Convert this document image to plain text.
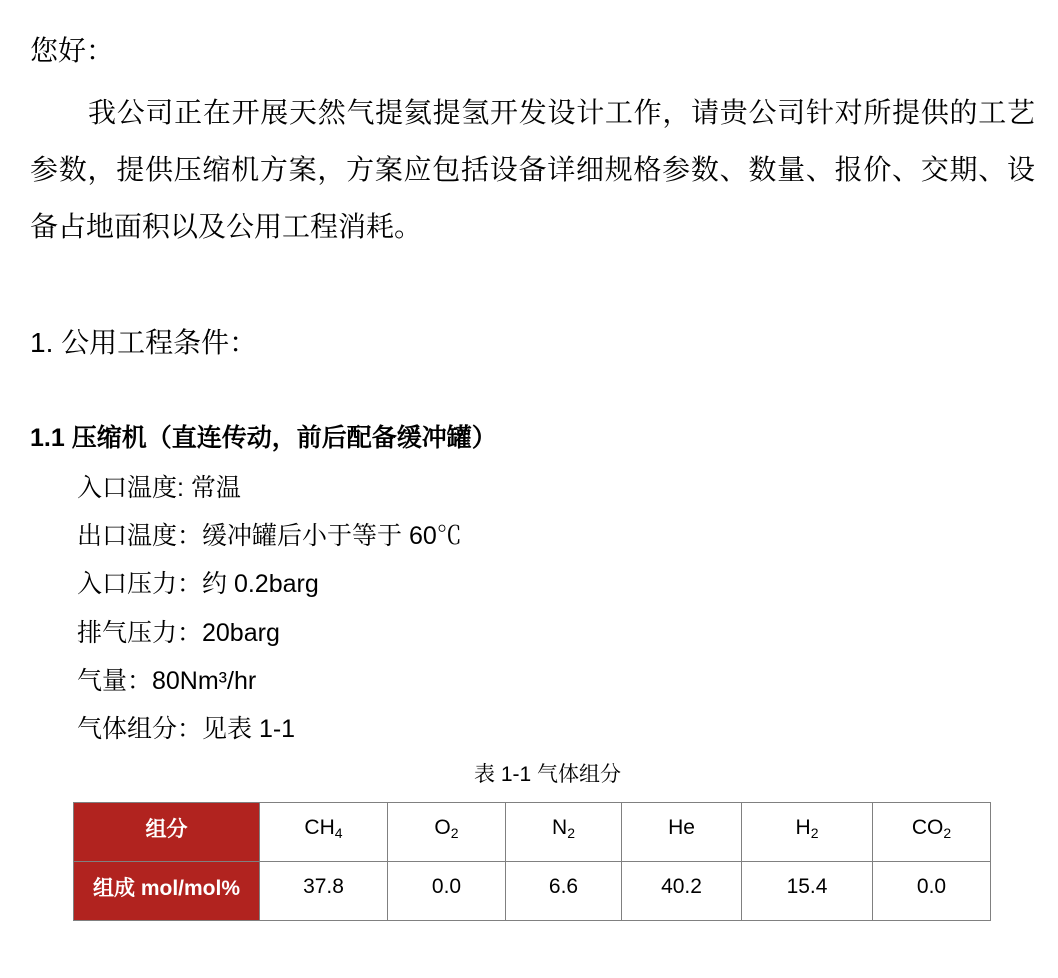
您好：
我公司正在开展天然气提氦提氢开发设计工作，请贵公司针对所提供的工艺
参数，提供压缩机方案，方案应包括设备详细规格参数、数量、报价、交期、设
备占地面积以及公用工程消耗。
1. 公用工程条件：
1.1 压缩机（直连传动，前后配备缓冲罐）
入口温度: 常温
出口温度：缓冲罐后小于等于 60℃
入口压力：约 0.2barg
排气压力：20barg
气量：80Nm³/hr
气体组分：见表 1-1
表 1-1 气体组分
组分	$CH_4$	$O_2$	$N_2$	He	$H_2$	$CO_2$
组成 mol/mol%	37.8	0.0	6.6	40.2	15.4	0.0
